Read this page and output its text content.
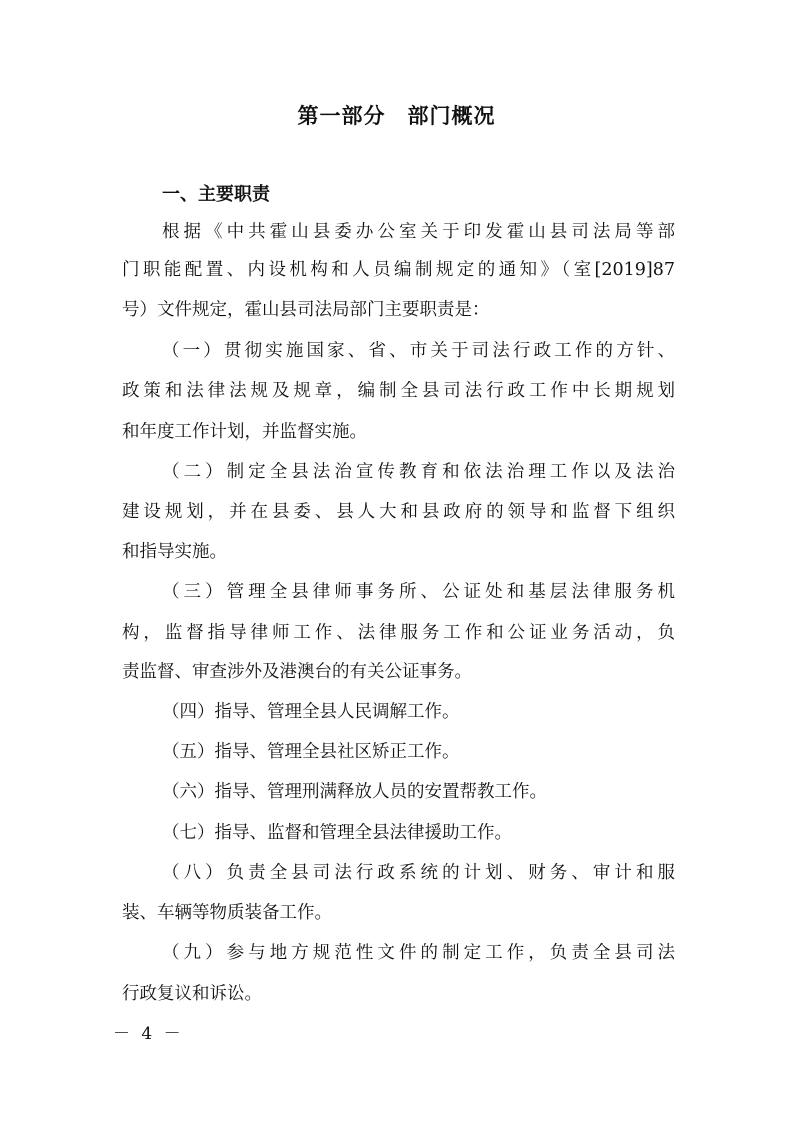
第一部分　部门概况
一、主要职责
根据《中共霍山县委办公室关于印发霍山县司法局等部
门职能配置、内设机构和人员编制规定的通知》（室[2019]87
号）文件规定，霍山县司法局部门主要职责是：
（一）贯彻实施国家、省、市关于司法行政工作的方针、
政策和法律法规及规章，编制全县司法行政工作中长期规划
和年度工作计划，并监督实施。
（二）制定全县法治宣传教育和依法治理工作以及法治
建设规划，并在县委、县人大和县政府的领导和监督下组织
和指导实施。
（三）管理全县律师事务所、公证处和基层法律服务机
构，监督指导律师工作、法律服务工作和公证业务活动，负
责监督、审查涉外及港澳台的有关公证事务。
（四）指导、管理全县人民调解工作。
（五）指导、管理全县社区矫正工作。
（六）指导、管理刑满释放人员的安置帮教工作。
（七）指导、监督和管理全县法律援助工作。
（八）负责全县司法行政系统的计划、财务、审计和服
装、车辆等物质装备工作。
（九）参与地方规范性文件的制定工作，负责全县司法
行政复议和诉讼。
－ 4 －
